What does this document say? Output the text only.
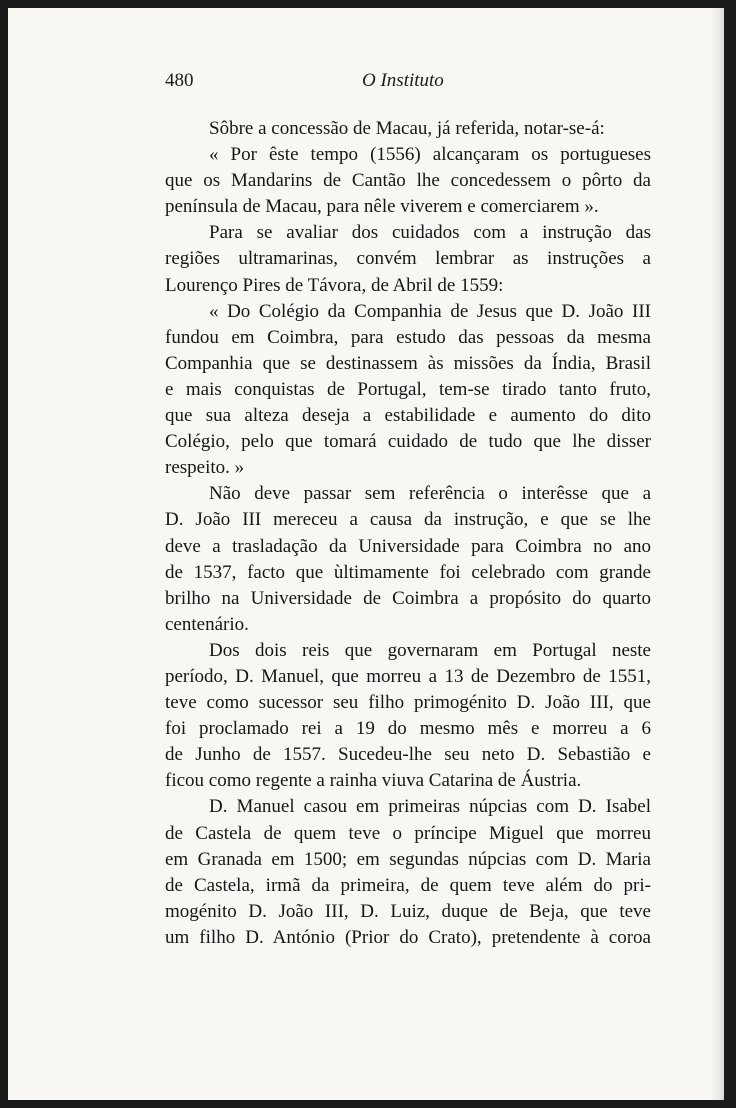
480	O Instituto
Sôbre a concessão de Macau, já referida, notar-se-á:
« Por êste tempo (1556) alcançaram os portugueses
que os Mandarins de Cantão lhe concedessem o pôrto da
península de Macau, para nêle viverem e comerciarem ».
Para se avaliar dos cuidados com a instrução das
regiões ultramarinas, convém lembrar as instruções a
Lourenço Pires de Távora, de Abril de 1559:
« Do Colégio da Companhia de Jesus que D. João III
fundou em Coimbra, para estudo das pessoas da mesma
Companhia que se destinassem às missões da Índia, Brasil
e mais conquistas de Portugal, tem-se tirado tanto fruto,
que sua alteza deseja a estabilidade e aumento do dito
Colégio, pelo que tomará cuidado de tudo que lhe disser
respeito. »
Não deve passar sem referência o interêsse que a
D. João III mereceu a causa da instrução, e que se lhe
deve a trasladação da Universidade para Coimbra no ano
de 1537, facto que ùltimamente foi celebrado com grande
brilho na Universidade de Coimbra a propósito do quarto
centenário.
Dos dois reis que governaram em Portugal neste
período, D. Manuel, que morreu a 13 de Dezembro de 1551,
teve como sucessor seu filho primogénito D. João III, que
foi proclamado rei a 19 do mesmo mês e morreu a 6
de Junho de 1557. Sucedeu-lhe seu neto D. Sebastião e
ficou como regente a rainha viuva Catarina de Áustria.
D. Manuel casou em primeiras núpcias com D. Isabel
de Castela de quem teve o príncipe Miguel que morreu
em Granada em 1500; em segundas núpcias com D. Maria
de Castela, irmã da primeira, de quem teve além do pri-
mogénito D. João III, D. Luiz, duque de Beja, que teve
um filho D. António (Prior do Crato), pretendente à coroa
